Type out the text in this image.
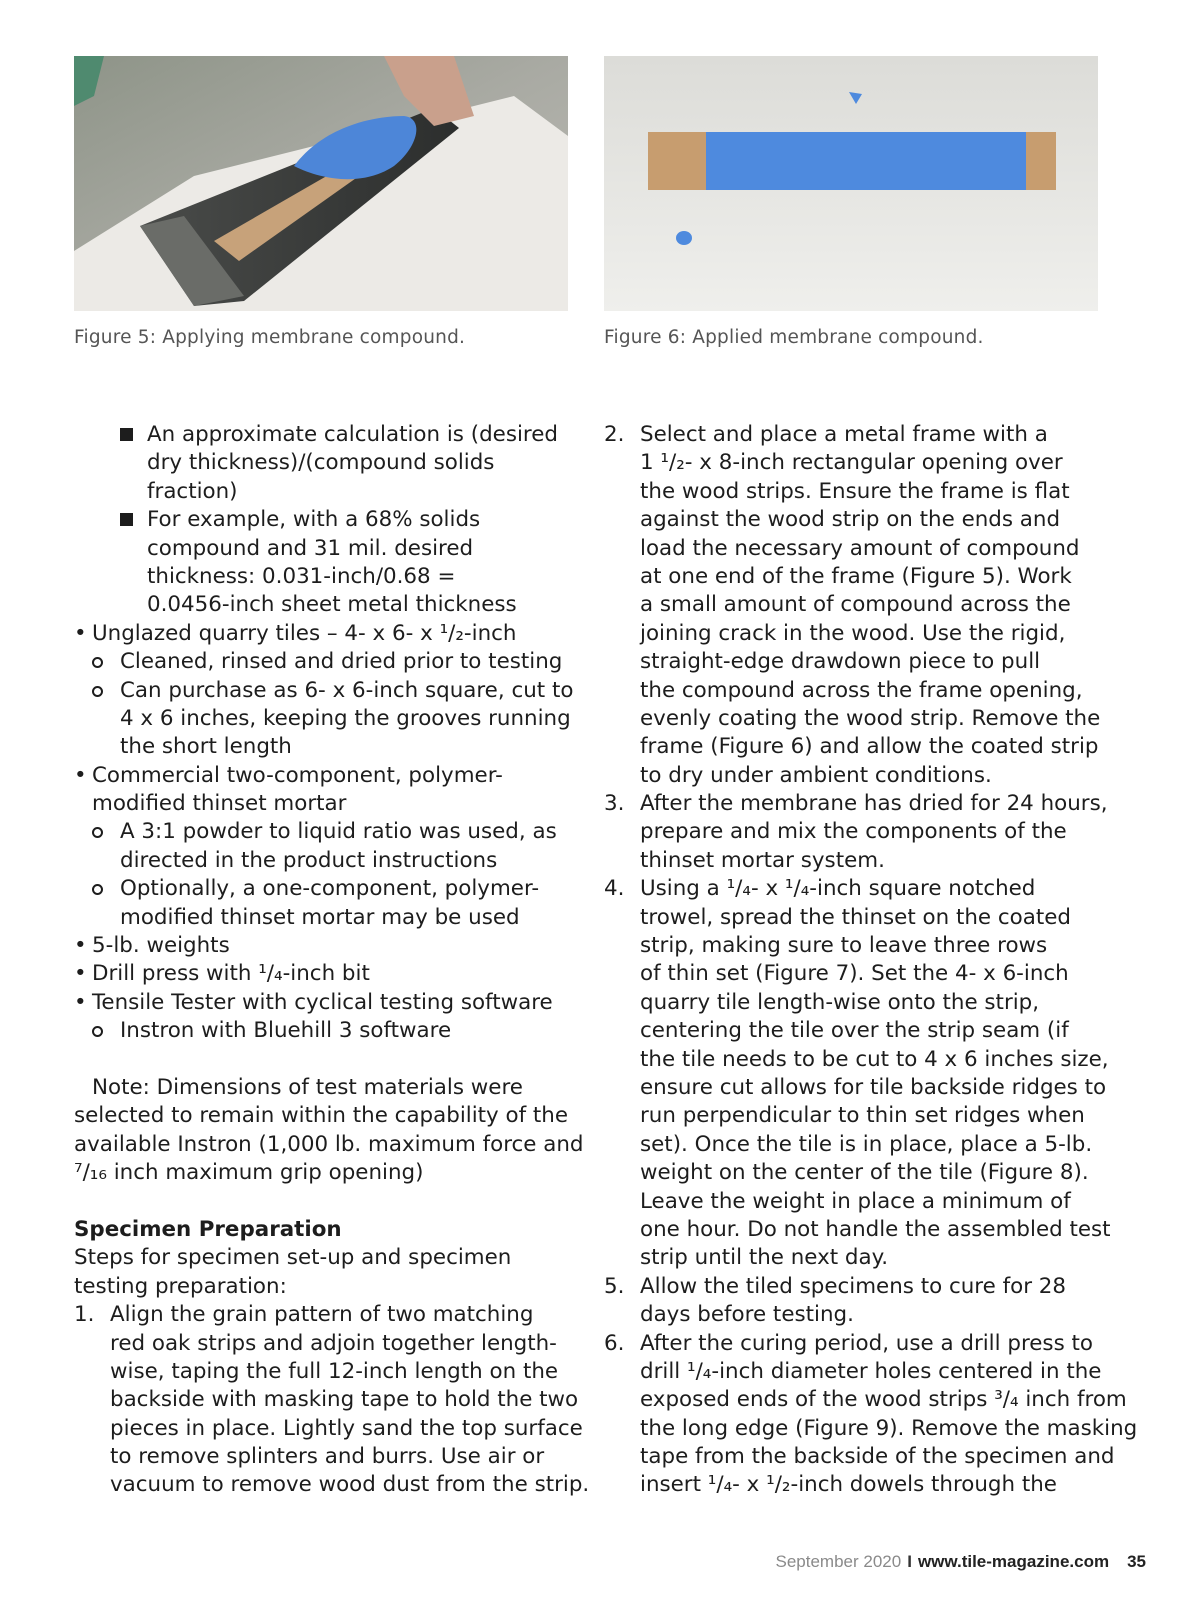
Figure 5: Applying membrane compound.	Figure 6: Applied membrane compound.
An approximate calculation is (desired
dry thickness)/(compound solids
fraction)
For example, with a 68% solids
compound and 31 mil. desired
thickness: 0.031-inch/0.68 =
0.0456-inch sheet metal thickness
• Unglazed quarry tiles – 4- x 6- x ¹/₂-inch
Cleaned, rinsed and dried prior to testing
Can purchase as 6- x 6-inch square, cut to
4 x 6 inches, keeping the grooves running
the short length
• Commercial two-component, polymer-
modified thinset mortar
A 3:1 powder to liquid ratio was used, as
directed in the product instructions
Optionally, a one-component, polymer-
modified thinset mortar may be used
• 5-lb. weights
• Drill press with ¹/₄-inch bit
• Tensile Tester with cyclical testing software
Instron with Bluehill 3 software
Note: Dimensions of test materials were
selected to remain within the capability of the
available Instron (1,000 lb. maximum force and
⁷/₁₆ inch maximum grip opening)
Specimen Preparation
Steps for specimen set-up and specimen
testing preparation:
1. Align the grain pattern of two matching
red oak strips and adjoin together length-
wise, taping the full 12-inch length on the
backside with masking tape to hold the two
pieces in place. Lightly sand the top surface
to remove splinters and burrs. Use air or
vacuum to remove wood dust from the strip.
2. Select and place a metal frame with a
1 ¹/₂- x 8-inch rectangular opening over
the wood strips. Ensure the frame is flat
against the wood strip on the ends and
load the necessary amount of compound
at one end of the frame (Figure 5). Work
a small amount of compound across the
joining crack in the wood. Use the rigid,
straight-edge drawdown piece to pull
the compound across the frame opening,
evenly coating the wood strip. Remove the
frame (Figure 6) and allow the coated strip
to dry under ambient conditions.
3. After the membrane has dried for 24 hours,
prepare and mix the components of the
thinset mortar system.
4. Using a ¹/₄- x ¹/₄-inch square notched
trowel, spread the thinset on the coated
strip, making sure to leave three rows
of thin set (Figure 7). Set the 4- x 6-inch
quarry tile length-wise onto the strip,
centering the tile over the strip seam (if
the tile needs to be cut to 4 x 6 inches size,
ensure cut allows for tile backside ridges to
run perpendicular to thin set ridges when
set). Once the tile is in place, place a 5-lb.
weight on the center of the tile (Figure 8).
Leave the weight in place a minimum of
one hour. Do not handle the assembled test
strip until the next day.
5. Allow the tiled specimens to cure for 28
days before testing.
6. After the curing period, use a drill press to
drill ¹/₄-inch diameter holes centered in the
exposed ends of the wood strips ³/₄ inch from
the long edge (Figure 9). Remove the masking
tape from the backside of the specimen and
insert ¹/₄- x ¹/₂-inch dowels through the
September 2020 I www.tile-magazine.com 35
